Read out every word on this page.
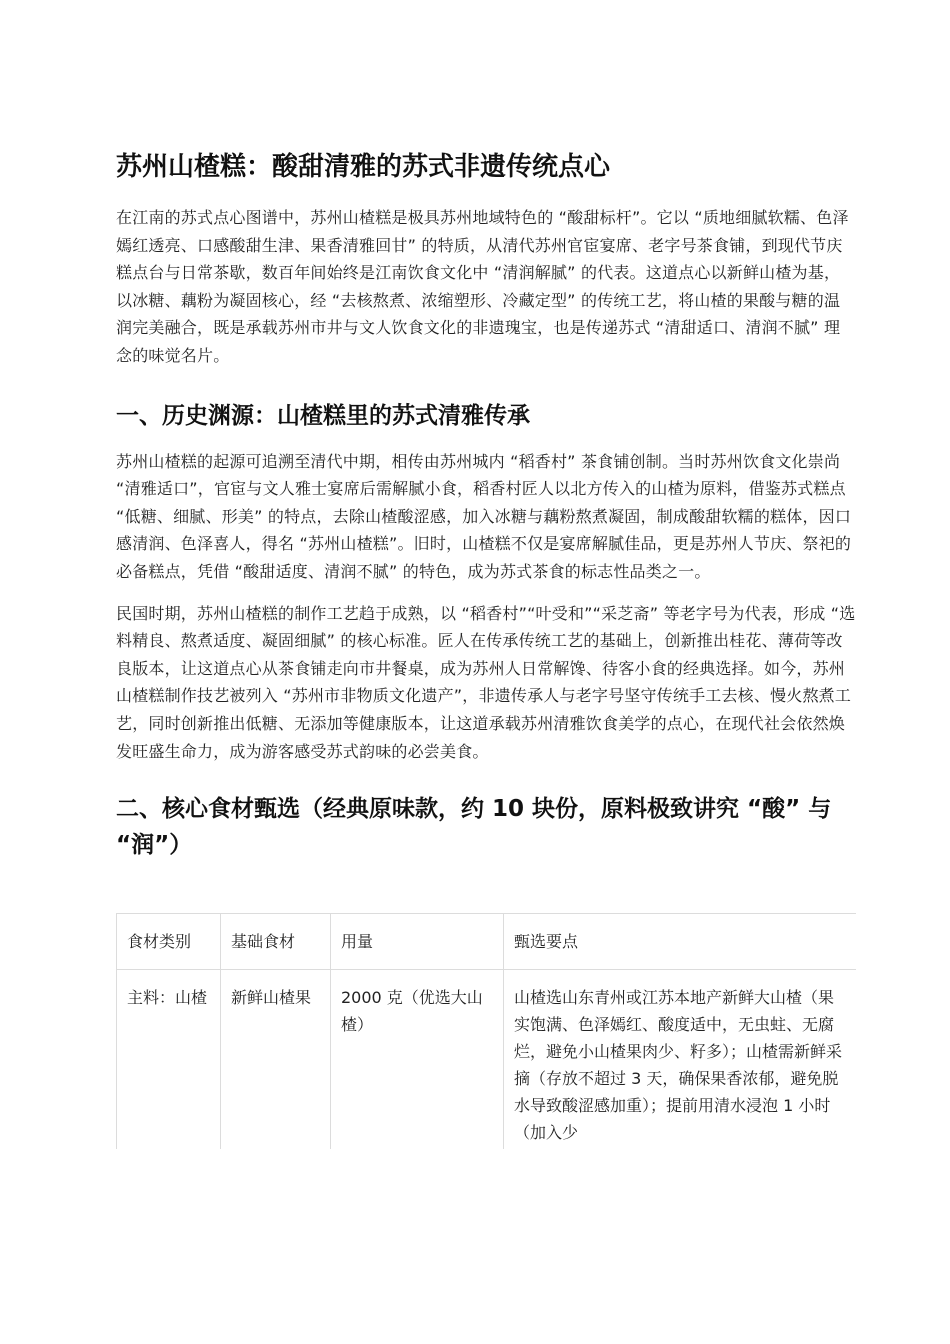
苏州山楂糕：酸甜清雅的苏式非遗传统点心

在江南的苏式点心图谱中，苏州山楂糕是极具苏州地域特色的 “酸甜标杆”。它以 “质地细腻软糯、色泽嫣红透亮、口感酸甜生津、果香清雅回甘” 的特质，从清代苏州官宦宴席、老字号茶食铺，到现代节庆糕点台与日常茶歇，数百年间始终是江南饮食文化中 “清润解腻” 的代表。这道点心以新鲜山楂为基，以冰糖、藕粉为凝固核心，经 “去核熬煮、浓缩塑形、冷藏定型” 的传统工艺，将山楂的果酸与糖的温润完美融合，既是承载苏州市井与文人饮食文化的非遗瑰宝，也是传递苏式 “清甜适口、清润不腻” 理念的味觉名片。

一、历史渊源：山楂糕里的苏式清雅传承

苏州山楂糕的起源可追溯至清代中期，相传由苏州城内 “稻香村” 茶食铺创制。当时苏州饮食文化崇尚 “清雅适口”，官宦与文人雅士宴席后需解腻小食，稻香村匠人以北方传入的山楂为原料，借鉴苏式糕点 “低糖、细腻、形美” 的特点，去除山楂酸涩感，加入冰糖与藕粉熬煮凝固，制成酸甜软糯的糕体，因口感清润、色泽喜人，得名 “苏州山楂糕”。旧时，山楂糕不仅是宴席解腻佳品，更是苏州人节庆、祭祀的必备糕点，凭借 “酸甜适度、清润不腻” 的特色，成为苏式茶食的标志性品类之一。

民国时期，苏州山楂糕的制作工艺趋于成熟，以 “稻香村”“叶受和”“采芝斋” 等老字号为代表，形成 “选料精良、熬煮适度、凝固细腻” 的核心标准。匠人在传承传统工艺的基础上，创新推出桂花、薄荷等改良版本，让这道点心从茶食铺走向市井餐桌，成为苏州人日常解馋、待客小食的经典选择。如今，苏州山楂糕制作技艺被列入 “苏州市非物质文化遗产”，非遗传承人与老字号坚守传统手工去核、慢火熬煮工艺，同时创新推出低糖、无添加等健康版本，让这道承载苏州清雅饮食美学的点心，在现代社会依然焕发旺盛生命力，成为游客感受苏式韵味的必尝美食。

二、核心食材甄选（经典原味款，约 10 块份，原料极致讲究 “酸” 与 “润”）
食材类别	基础食材	用量	甄选要点
主料：山楂	新鲜山楂果	2000 克（优选大山楂）	山楂选山东青州或江苏本地产新鲜大山楂（果实饱满、色泽嫣红、酸度适中，无虫蛀、无腐烂，避免小山楂果肉少、籽多）；山楂需新鲜采摘（存放不超过 3 天，确保果香浓郁，避免脱水导致酸涩感加重）；提前用清水浸泡 1 小时（加入少
